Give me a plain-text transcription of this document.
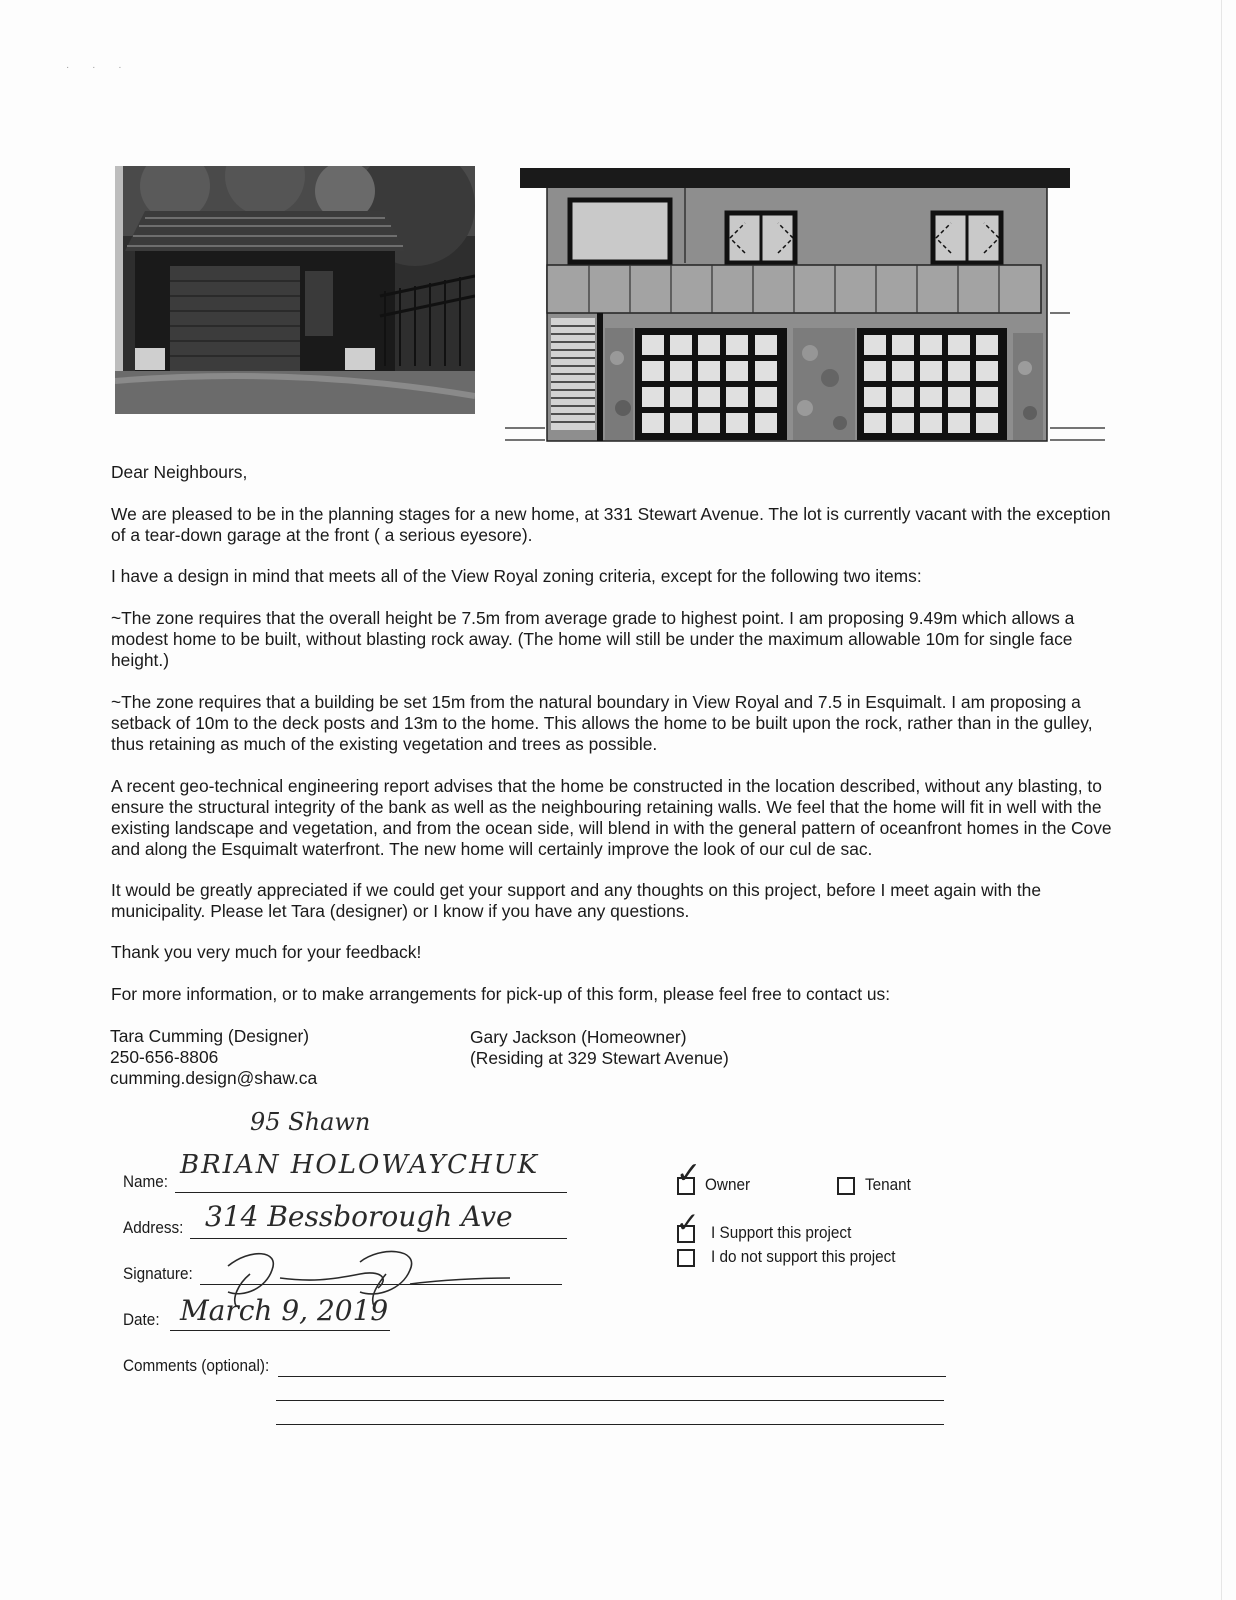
· · ·

Dear Neighbours,

We are pleased to be in the planning stages for a new home, at 331 Stewart Avenue. The lot is currently vacant with the exception of a tear-down garage at the front ( a serious eyesore).

I have a design in mind that meets all of the View Royal zoning criteria, except for the following two items:

~The zone requires that the overall height be 7.5m from average grade to highest point. I am proposing 9.49m which allows a modest home to be built, without blasting rock away. (The home will still be under the maximum allowable 10m for single face height.)

~The zone requires that a building be set 15m from the natural boundary in View Royal and 7.5 in Esquimalt. I am proposing a setback of 10m to the deck posts and 13m to the home. This allows the home to be built upon the rock, rather than in the gulley, thus retaining as much of the existing vegetation and trees as possible.

A recent geo-technical engineering report advises that the home be constructed in the location described, without any blasting, to ensure the structural integrity of the bank as well as the neighbouring retaining walls. We feel that the home will fit in well with the existing landscape and vegetation, and from the ocean side, will blend in with the general pattern of oceanfront homes in the Cove and along the Esquimalt waterfront. The new home will certainly improve the look of our cul de sac.

It would be greatly appreciated if we could get your support and any thoughts on this project, before I meet again with the municipality. Please let Tara (designer) or I know if you have any questions.

Thank you very much for your feedback!

For more information, or to make arrangements for pick-up of this form, please feel free to contact us:

Tara Cumming (Designer)
250-656-8806
cumming.design@shaw.ca
Gary Jackson (Homeowner)
(Residing at 329 Stewart Avenue)
95 Shawn
Name:
BRIAN HOLOWAYCHUK
Address: 314 Bessborough Ave
Signature:
Date: March 9, 2019
Comments (optional):
✓ Owner	Tenant
✓ I Support this project
I do not support this project
